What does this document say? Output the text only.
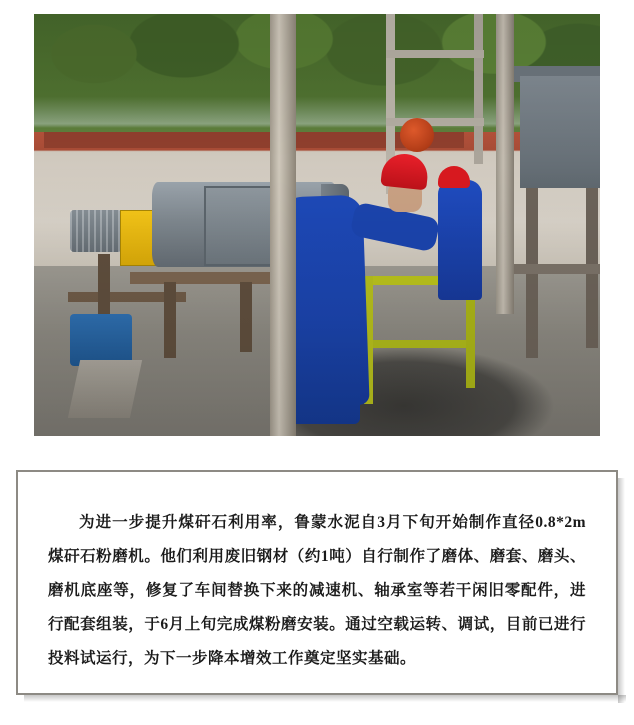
为进一步提升煤矸石利用率，鲁蒙水泥自3月下旬开始制作直径0.8*2m煤矸石粉磨机。他们利用废旧钢材（约1吨）自行制作了磨体、磨套、磨头、磨机底座等，修复了车间替换下来的减速机、轴承室等若干闲旧零配件，进行配套组装，于6月上旬完成煤粉磨安装。通过空载运转、调试，目前已进行投料试运行，为下一步降本增效工作奠定坚实基础。
